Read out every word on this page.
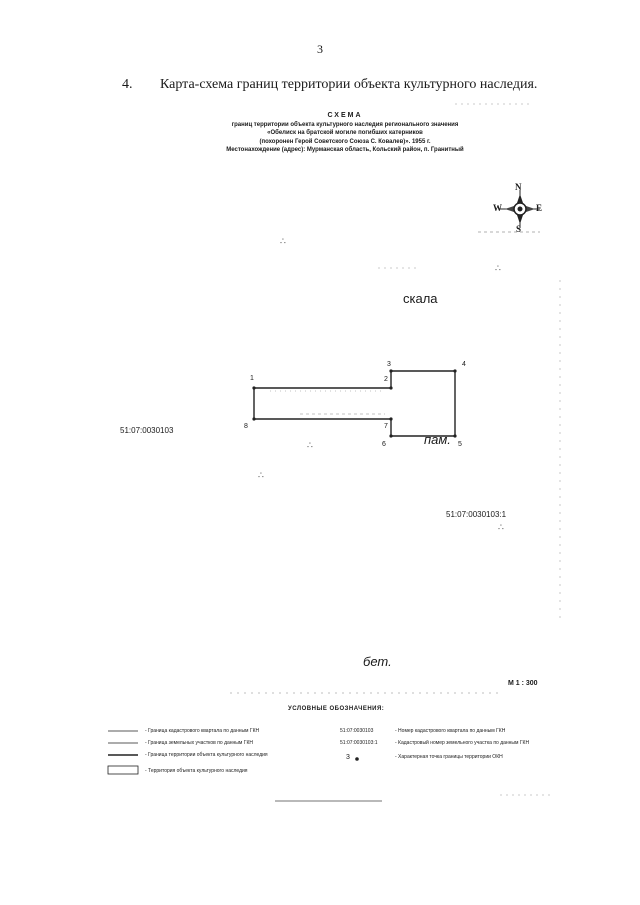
3
4. Карта-схема границ территории объекта культурного наследия.
СХЕМА
границ территории объекта культурного наследия регионального значения
«Обелиск на братской могиле погибших катерников
(похоронен Герой Советского Союза С. Ковалев)». 1955 г.
Местонахождение (адрес): Мурманская область, Кольский район, п. Гранитный
N
S
W	E
1	2
3	4
5
6
7
8
скала
пам.
бет.
51:07:0030103
51:07:0030103:1
∴
∴
∴
∴
∴
М 1 : 300
УСЛОВНЫЕ ОБОЗНАЧЕНИЯ:
- Граница кадастрового квартала по данным ГКН
- Граница земельных участков по данным ГКН
- Граница территории объекта культурного наследия
- Территория объекта культурного наследия
51:07:0030103	- Номер кадастрового квартала по данным ГКН
51:07:0030103:1	- Кадастровый номер земельного участка по данным ГКН
3	- Характерная точка границы территории ОКН
